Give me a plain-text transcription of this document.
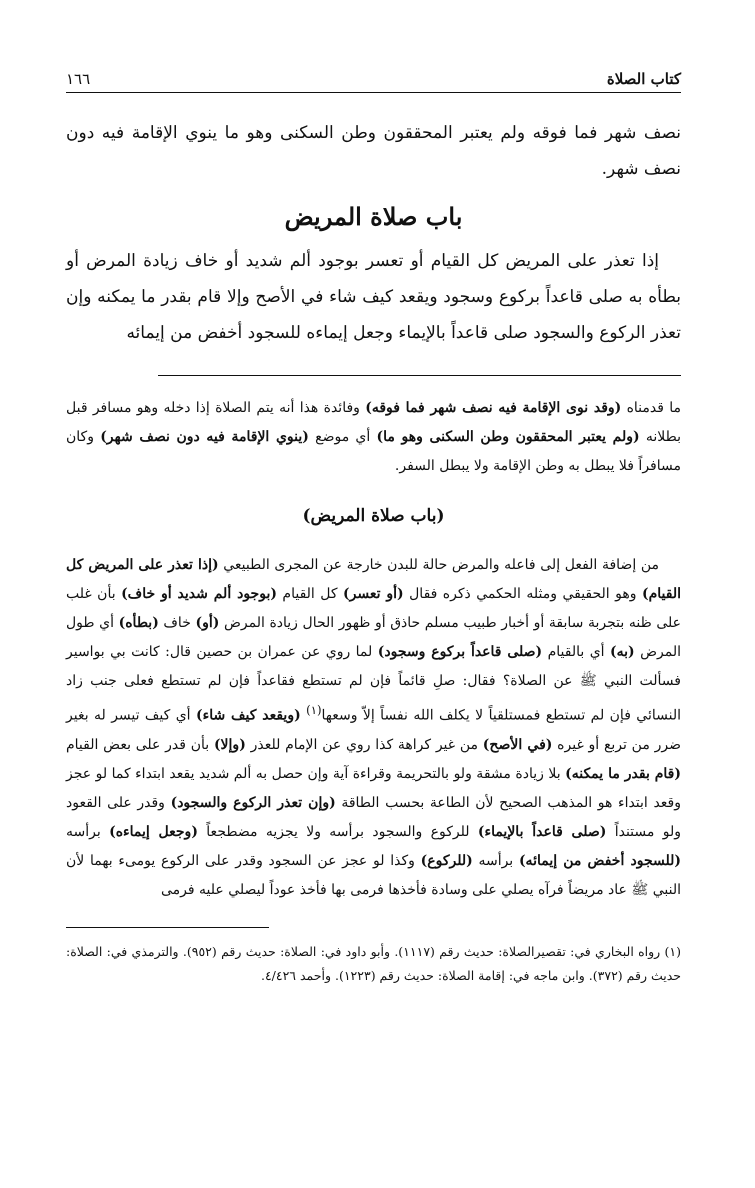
كتاب الصلاة
١٦٦

نصف شهر فما فوقه ولم يعتبر المحققون وطن السكنى وهو ما ينوي الإقامة فيه دون نصف شهر.

باب صلاة المريض

إذا تعذر على المريض كل القيام أو تعسر بوجود ألم شديد أو خاف زيادة المرض أو بطأه به صلى قاعداً بركوع وسجود ويقعد كيف شاء في الأصح وإلا قام بقدر ما يمكنه وإن تعذر الركوع والسجود صلى قاعداً بالإيماء وجعل إيماءه للسجود أخفض من إيمائه

ما قدمناه (وقد نوى الإقامة فيه نصف شهر فما فوقه) وفائدة هذا أنه يتم الصلاة إذا دخله وهو مسافر قبل بطلانه (ولم يعتبر المحققون وطن السكنى وهو ما) أي موضع (ينوي الإقامة فيه دون نصف شهر) وكان مسافراً فلا يبطل به وطن الإقامة ولا يبطل السفر.

(باب صلاة المريض)

من إضافة الفعل إلى فاعله والمرض حالة للبدن خارجة عن المجرى الطبيعي (إذا تعذر على المريض كل القيام) وهو الحقيقي ومثله الحكمي ذكره فقال (أو تعسر) كل القيام (بوجود ألم شديد أو خاف) بأن غلب على ظنه بتجربة سابقة أو أخبار طبيب مسلم حاذق أو ظهور الحال زيادة المرض (أو) خاف (بطأه) أي طول المرض (به) أي بالقيام (صلى قاعداً بركوع وسجود) لما روي عن عمران بن حصين قال: كانت بي بواسير فسألت النبي ﷺ عن الصلاة؟ فقال: صلِ قائماً فإن لم تستطع فقاعداً فإن لم تستطع فعلى جنب زاد النسائي فإن لم تستطع فمستلقياً لا يكلف الله نفساً إلاّ وسعها$^{(١)}$ (ويقعد كيف شاء) أي كيف تيسر له بغير ضرر من تربع أو غيره (في الأصح) من غير كراهة كذا روي عن الإمام للعذر (وإلا) بأن قدر على بعض القيام (قام بقدر ما يمكنه) بلا زيادة مشقة ولو بالتحريمة وقراءة آية وإن حصل به ألم شديد يقعد ابتداء كما لو عجز وقعد ابتداء هو المذهب الصحيح لأن الطاعة بحسب الطاقة (وإن تعذر الركوع والسجود) وقدر على القعود ولو مستنداً (صلى قاعداً بالإيماء) للركوع والسجود برأسه ولا يجزيه مضطجعاً (وجعل إيماءه) برأسه (للسجود أخفض من إيمائه) برأسه (للركوع) وكذا لو عجز عن السجود وقدر على الركوع يومىء بهما لأن النبي ﷺ عاد مريضاً فرآه يصلي على وسادة فأخذها فرمى بها فأخذ عوداً ليصلي عليه فرمى

(١) رواه البخاري في: تقصيرالصلاة: حديث رقم (١١١٧). وأبو داود في: الصلاة: حديث رقم (٩٥٢). والترمذي في: الصلاة: حديث رقم (٣٧٢). وابن ماجه في: إقامة الصلاة: حديث رقم (١٢٢٣). وأحمد ٤/٤٢٦.
